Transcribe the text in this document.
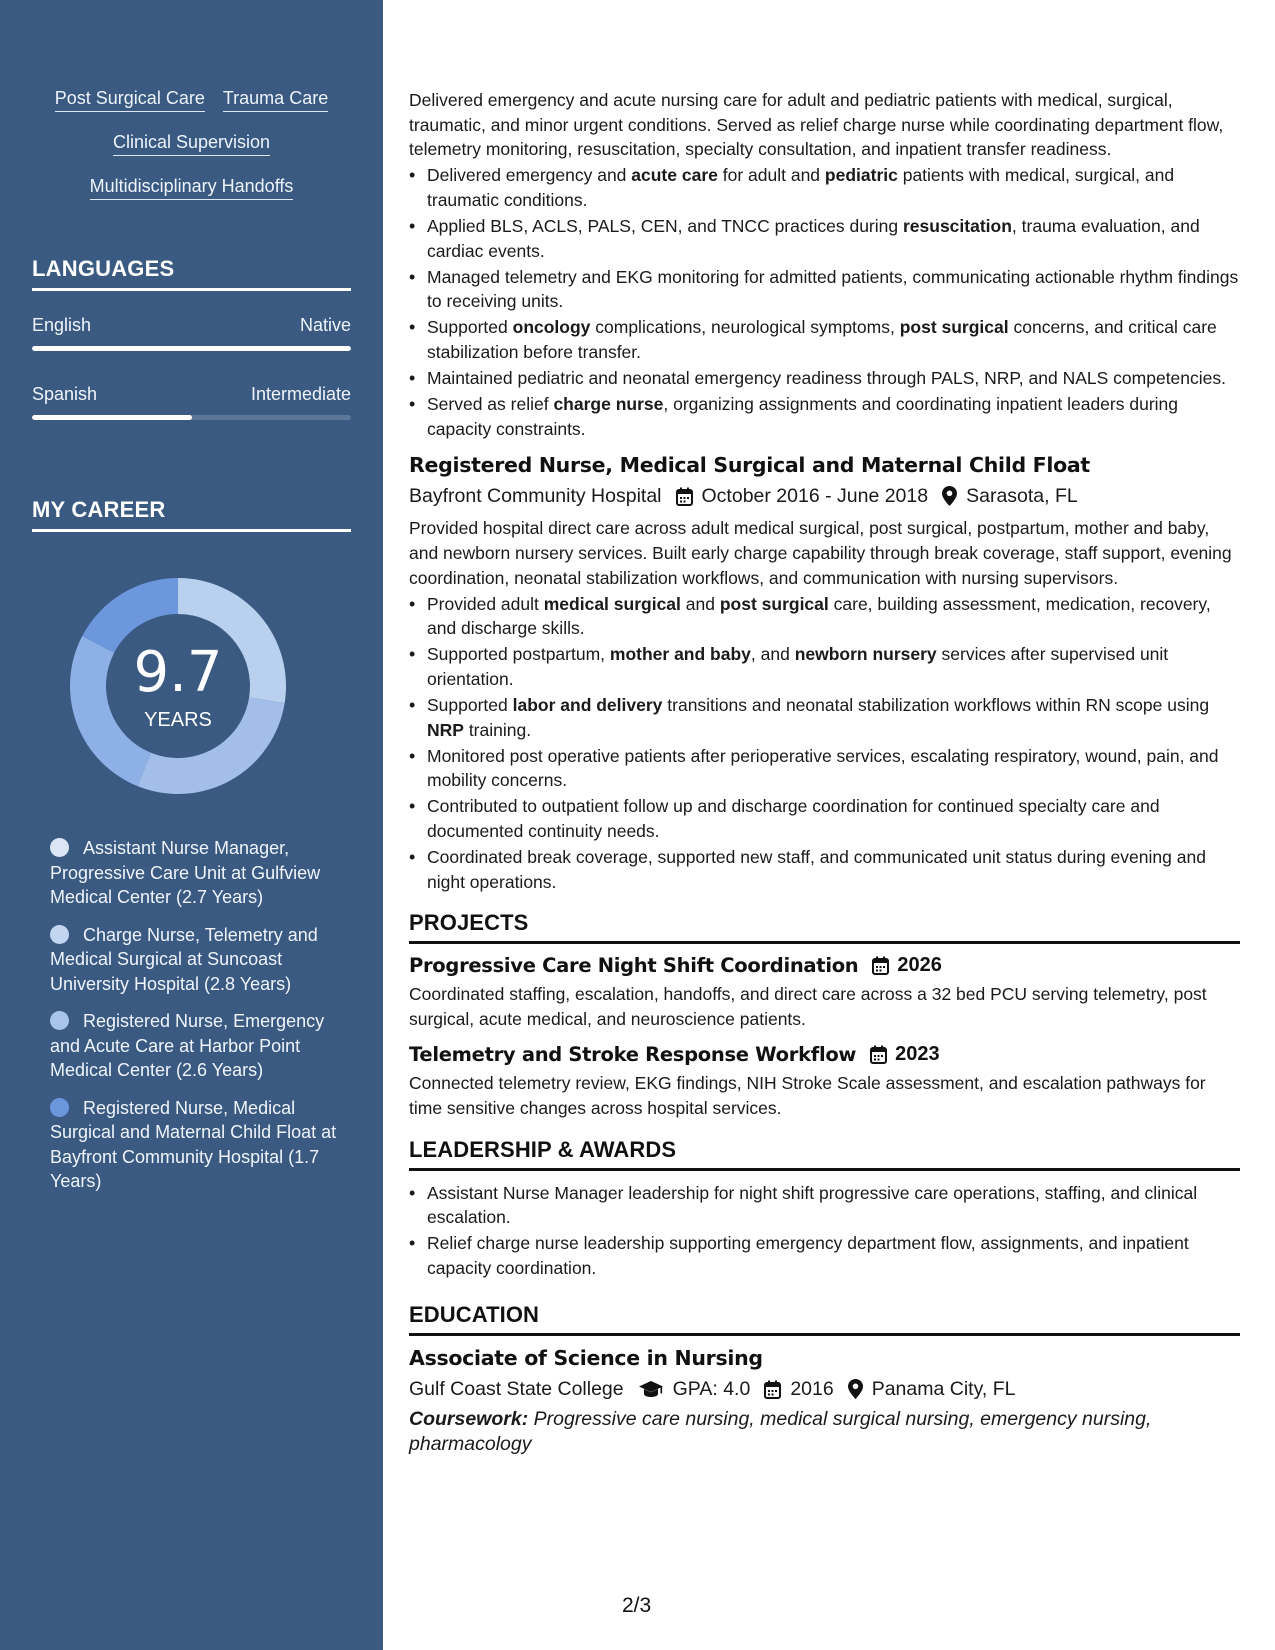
Post Surgical Care Trauma Care
Clinical Supervision
Multidisciplinary Handoffs
LANGUAGES
English	Native
Spanish	Intermediate
MY CAREER
9.7
YEARS
Assistant Nurse Manager, Progressive Care Unit at Gulfview Medical Center (2.7 Years)
Charge Nurse, Telemetry and Medical Surgical at Suncoast University Hospital (2.8 Years)
Registered Nurse, Emergency and Acute Care at Harbor Point Medical Center (2.6 Years)
Registered Nurse, Medical Surgical and Maternal Child Float at Bayfront Community Hospital (1.7 Years)
Delivered emergency and acute nursing care for adult and pediatric patients with medical, surgical, traumatic, and minor urgent conditions. Served as relief charge nurse while coordinating department flow, telemetry monitoring, resuscitation, specialty consultation, and inpatient transfer readiness.
• Delivered emergency and acute care for adult and pediatric patients with medical, surgical, and traumatic conditions.
• Applied BLS, ACLS, PALS, CEN, and TNCC practices during resuscitation, trauma evaluation, and cardiac events.
• Managed telemetry and EKG monitoring for admitted patients, communicating actionable rhythm findings to receiving units.
• Supported oncology complications, neurological symptoms, post surgical concerns, and critical care stabilization before transfer.
• Maintained pediatric and neonatal emergency readiness through PALS, NRP, and NALS competencies.
• Served as relief charge nurse, organizing assignments and coordinating inpatient leaders during capacity constraints.
Registered Nurse, Medical Surgical and Maternal Child Float
Bayfront Community Hospital October 2016 - June 2018 Sarasota, FL
Provided hospital direct care across adult medical surgical, post surgical, postpartum, mother and baby, and newborn nursery services. Built early charge capability through break coverage, staff support, evening coordination, neonatal stabilization workflows, and communication with nursing supervisors.
• Provided adult medical surgical and post surgical care, building assessment, medication, recovery, and discharge skills.
• Supported postpartum, mother and baby, and newborn nursery services after supervised unit orientation.
• Supported labor and delivery transitions and neonatal stabilization workflows within RN scope using NRP training.
• Monitored post operative patients after perioperative services, escalating respiratory, wound, pain, and mobility concerns.
• Contributed to outpatient follow up and discharge coordination for continued specialty care and documented continuity needs.
• Coordinated break coverage, supported new staff, and communicated unit status during evening and night operations.
PROJECTS
Progressive Care Night Shift Coordination 2026
Coordinated staffing, escalation, handoffs, and direct care across a 32 bed PCU serving telemetry, post surgical, acute medical, and neuroscience patients.
Telemetry and Stroke Response Workflow 2023
Connected telemetry review, EKG findings, NIH Stroke Scale assessment, and escalation pathways for time sensitive changes across hospital services.
LEADERSHIP & AWARDS
• Assistant Nurse Manager leadership for night shift progressive care operations, staffing, and clinical escalation.
• Relief charge nurse leadership supporting emergency department flow, assignments, and inpatient capacity coordination.
EDUCATION
Associate of Science in Nursing
Gulf Coast State College	GPA: 4.0 2016 Panama City, FL
Coursework: Progressive care nursing, medical surgical nursing, emergency nursing, pharmacology
2/3
